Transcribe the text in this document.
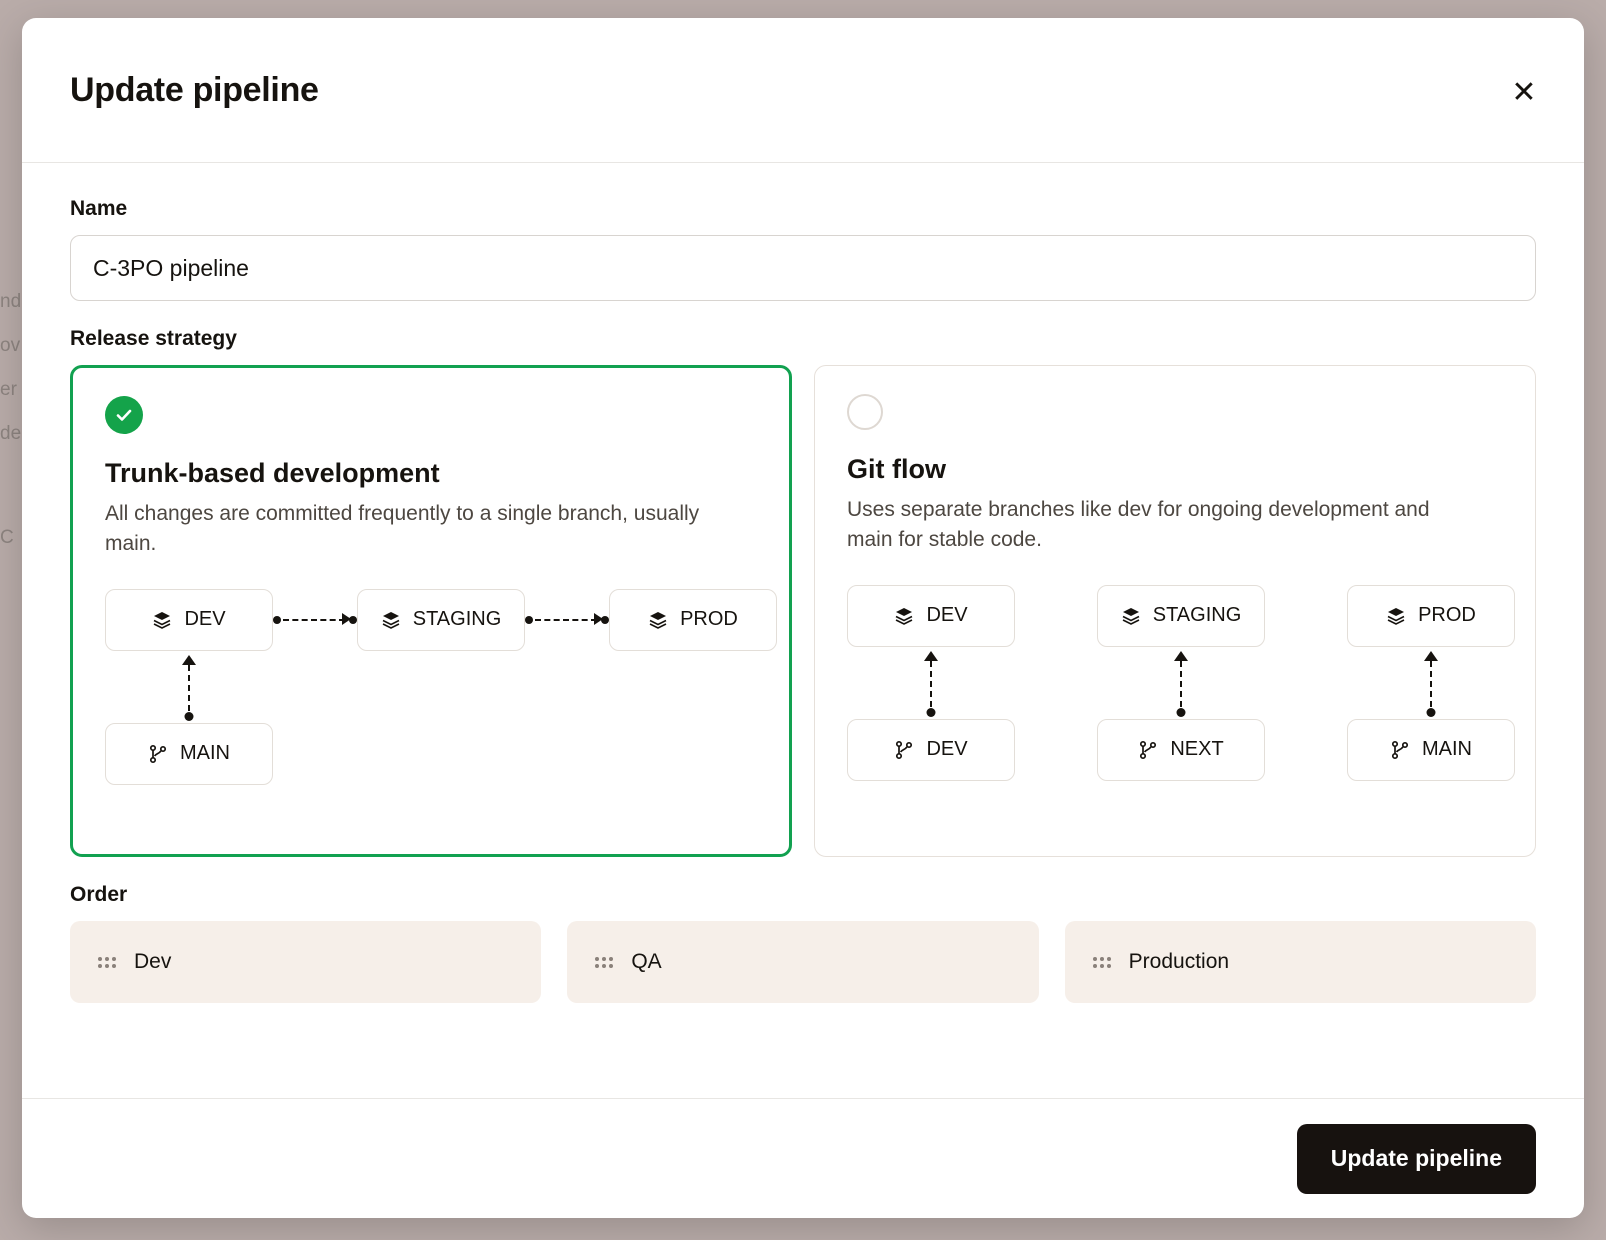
nd
ov
er
de
C
Update pipeline	✕
Name
C-3PO pipeline
Release strategy
Trunk-based development
All changes are committed frequently to a single branch, usually main.
DEV	STAGING	PROD
MAIN
Git flow
Uses separate branches like dev for ongoing development and main for stable code.
DEV
DEV
STAGING
NEXT
PROD
MAIN
Order
Dev	QA	Production
Update pipeline
